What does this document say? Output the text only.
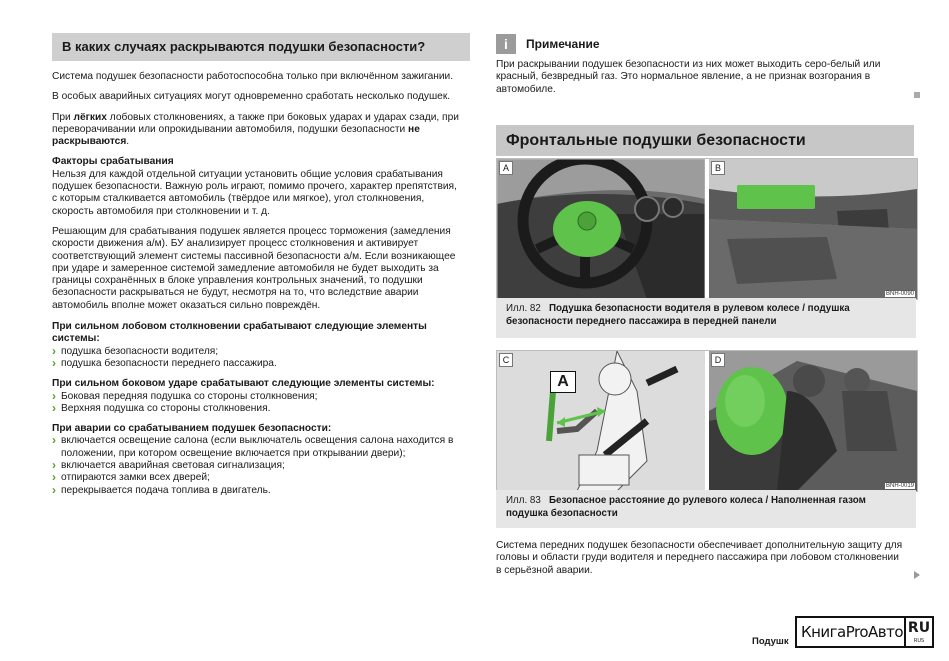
В каких случаях раскрываются подушки безопасности?

Система подушек безопасности работоспособна только при включённом зажигании.

В особых аварийных ситуациях могут одновременно сработать несколько подушек.

При лёгких лобовых столкновениях, а также при боковых ударах и ударах сзади, при переворачивании или опрокидывании автомобиля, подушки безопасности не раскрываются.

Факторы срабатывания

Нельзя для каждой отдельной ситуации установить общие условия срабатывания подушек безопасности. Важную роль играют, помимо прочего, характер препятствия, с которым сталкивается автомобиль (твёрдое или мягкое), угол столкновения, скорость автомобиля при столкновении и т. д.

Решающим для срабатывания подушек является процесс торможения (замедления скорости движения а/м). БУ анализирует процесс столкновения и активирует соответствующий элемент системы пассивной безопасности а/м. Если возникающее при ударе и замеренное системой замедление автомобиля не будет выходить за границы сохранённых в блоке управления контрольных значений, то подушки безопасности раскрываться не будут, несмотря на то, что вследствие аварии автомобиль вполне может оказаться сильно повреждён.

При сильном лобовом столкновении срабатывают следующие элементы системы:
› подушка безопасности водителя;
› подушка безопасности переднего пассажира.
При сильном боковом ударе срабатывают следующие элементы системы:
› Боковая передняя подушка со стороны столкновения;
› Верхняя подушка со стороны столкновения.
При аварии со срабатыванием подушек безопасности:
› включается освещение салона (если выключатель освещения салона находится в положении, при котором освещение включается при открывании двери);
› включается аварийная световая сигнализация;
› отпираются замки всех дверей;
› перекрывается подача топлива в двигатель.
i	Примечание

При раскрывании подушек безопасности из них может выходить серо-белый или красный, безвредный газ. Это нормальное явление, а не признак возгорания в автомобиле.

Фронтальные подушки безопасности
A	B
BNH-0090
Илл. 82 Подушка безопасности водителя в рулевом колесе / подушка безопасности переднего пассажира в передней панели
C	D
A
BNH-0019
Илл. 83 Безопасное расстояние до рулевого колеса / Наполненная газом подушка безопасности

Система передних подушек безопасности обеспечивает дополнительную защиту для головы и области груди водителя и переднего пассажира при лобовом столкновении в серьёзной аварии.

Подушк
КнигаProАвто RU
RUS
